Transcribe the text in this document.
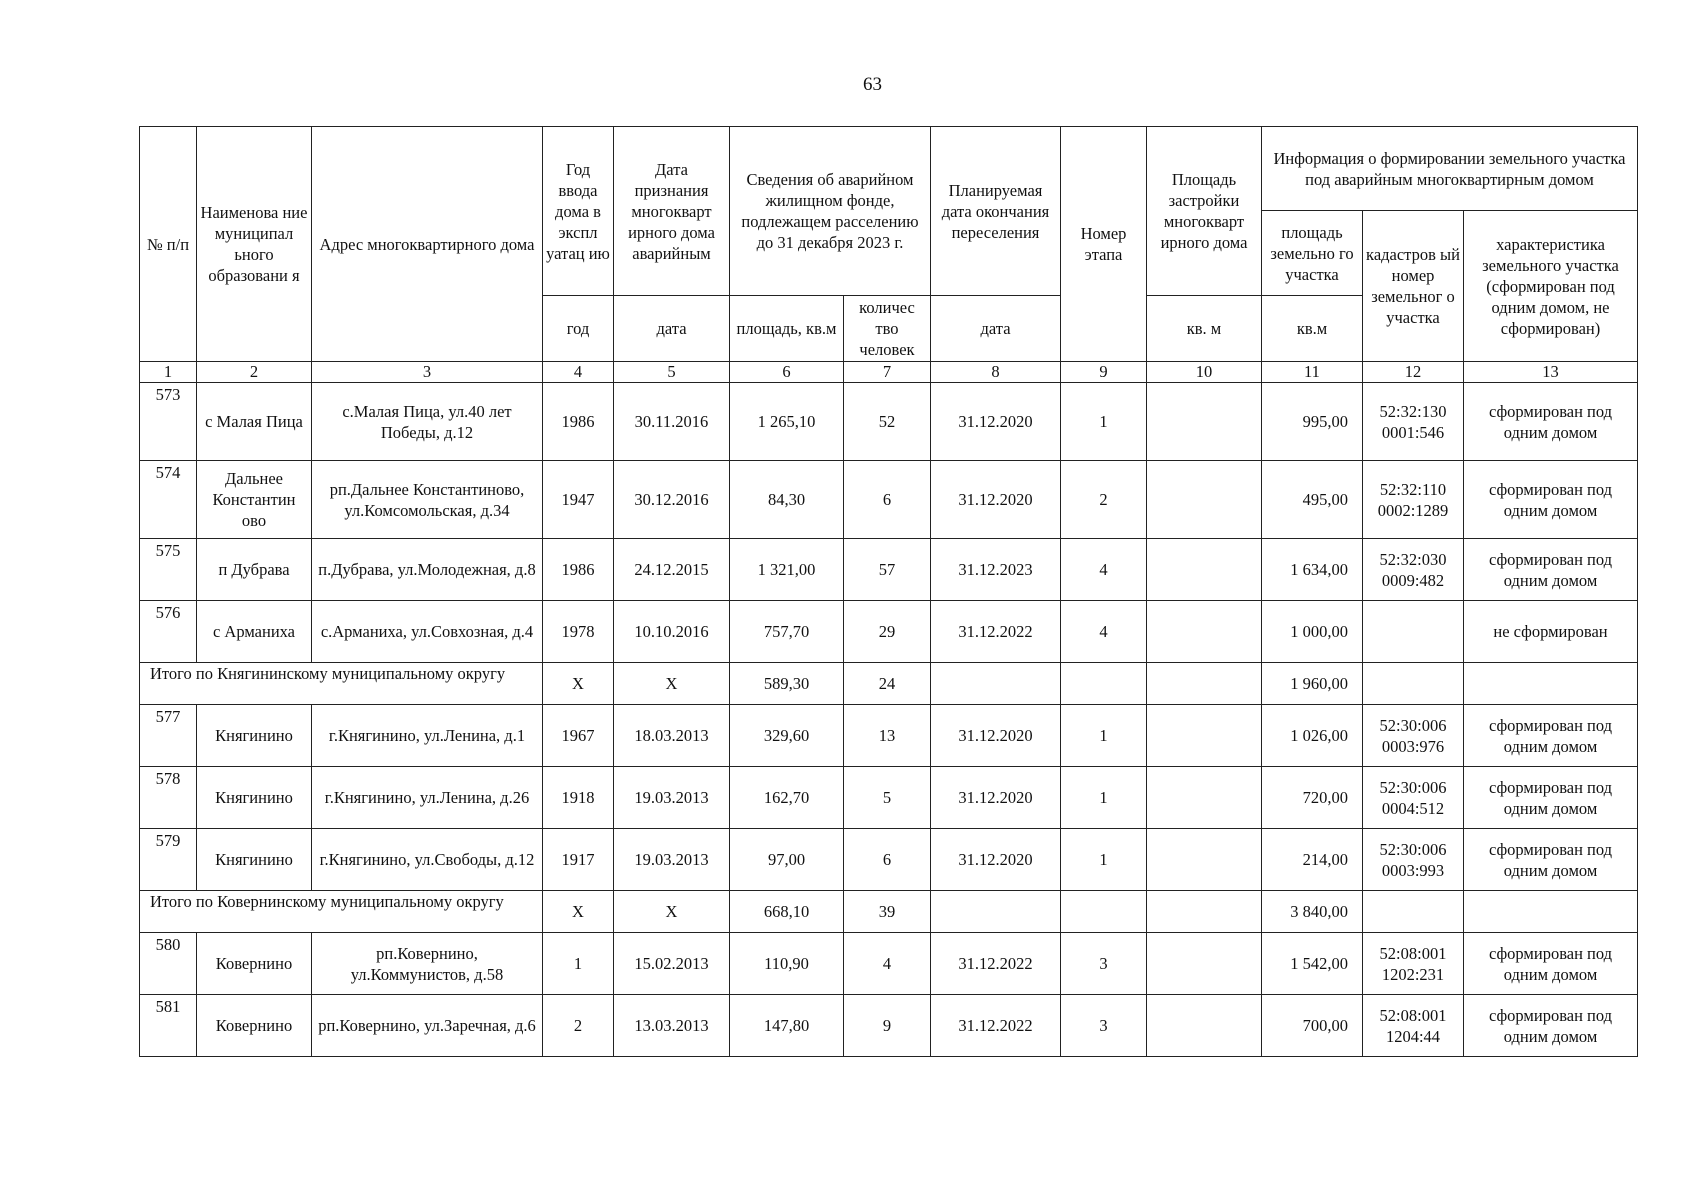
63
№ п/п	Наименова ние муниципал ьного образовани я	Адрес многоквартирного дома	Год ввода дома в экспл уатац ию	Дата признания многокварт ирного дома аварийным	Сведения об аварийном жилищном фонде, подлежащем расселению до 31 декабря 2023 г.		Планируемая дата окончания переселения	Номер этапа	Площадь застройки многокварт ирного дома	Информация о формировании земельного участка под аварийным многоквартирным домом		
										площадь земельно го участка	кадастров ый номер земельног о участка	характеристика земельного участка (сформирован под одним домом, не сформирован)
			год	дата	площадь, кв.м	количес тво человек	дата		кв. м	кв.м		
1	2	3	4	5	6	7	8	9	10	11	12	13
573	с Малая Пица	с.Малая Пица, ул.40 лет Победы, д.12	1986	30.11.2016	1 265,10	52	31.12.2020	1		995,00	52:32:130 0001:546	сформирован под одним домом
574	Дальнее Константин ово	рп.Дальнее Константиново, ул.Комсомольская, д.34	1947	30.12.2016	84,30	6	31.12.2020	2		495,00	52:32:110 0002:1289	сформирован под одним домом
575	п Дубрава	п.Дубрава, ул.Молодежная, д.8	1986	24.12.2015	1 321,00	57	31.12.2023	4		1 634,00	52:32:030 0009:482	сформирован под одним домом
576	с Арманиха	с.Арманиха, ул.Совхозная, д.4	1978	10.10.2016	757,70	29	31.12.2022	4		1 000,00		не сформирован
Итого по Княгининскому муниципальному округу			Х	Х	589,30	24				1 960,00		
577	Княгинино	г.Княгинино, ул.Ленина, д.1	1967	18.03.2013	329,60	13	31.12.2020	1		1 026,00	52:30:006 0003:976	сформирован под одним домом
578	Княгинино	г.Княгинино, ул.Ленина, д.26	1918	19.03.2013	162,70	5	31.12.2020	1		720,00	52:30:006 0004:512	сформирован под одним домом
579	Княгинино	г.Княгинино, ул.Свободы, д.12	1917	19.03.2013	97,00	6	31.12.2020	1		214,00	52:30:006 0003:993	сформирован под одним домом
Итого по Ковернинскому муниципальному округу			Х	Х	668,10	39				3 840,00		
580	Ковернино	рп.Ковернино, ул.Коммунистов, д.58	1	15.02.2013	110,90	4	31.12.2022	3		1 542,00	52:08:001 1202:231	сформирован под одним домом
581	Ковернино	рп.Ковернино, ул.Заречная, д.6	2	13.03.2013	147,80	9	31.12.2022	3		700,00	52:08:001 1204:44	сформирован под одним домом
